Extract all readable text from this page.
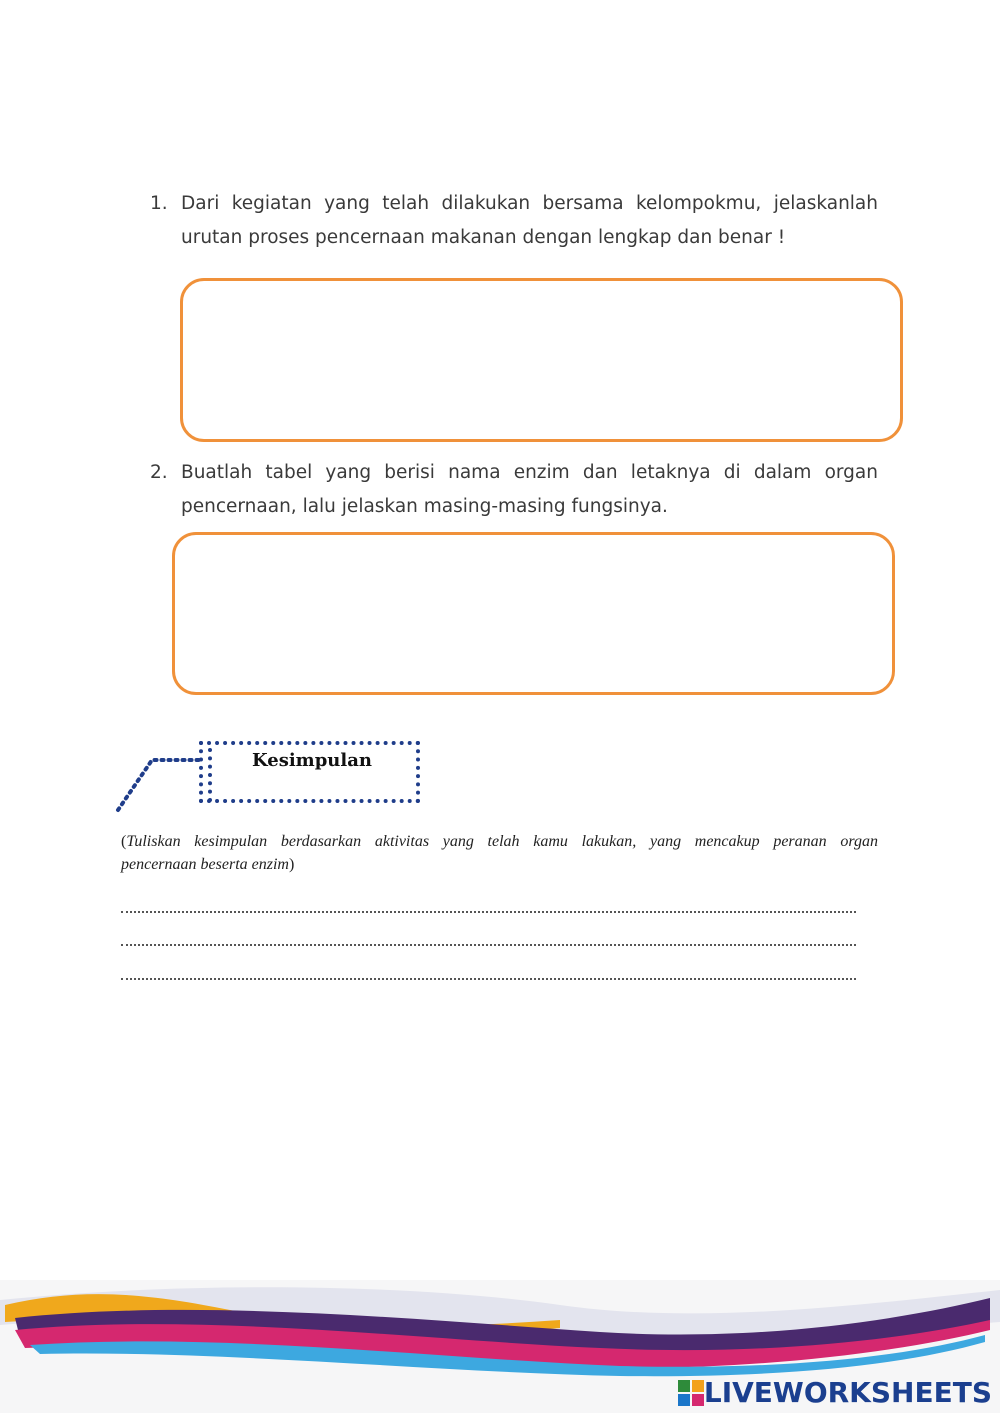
1. Dari kegiatan yang telah dilakukan bersama kelompokmu, jelaskanlah
urutan proses pencernaan makanan dengan lengkap dan benar !
2. Buatlah tabel yang berisi nama enzim dan letaknya di dalam organ
pencernaan, lalu jelaskan masing-masing fungsinya.
Kesimpulan
(Tuliskan kesimpulan berdasarkan aktivitas yang telah kamu lakukan, yang mencakup peranan organ
pencernaan beserta enzim)
LIVEWORKSHEETS
